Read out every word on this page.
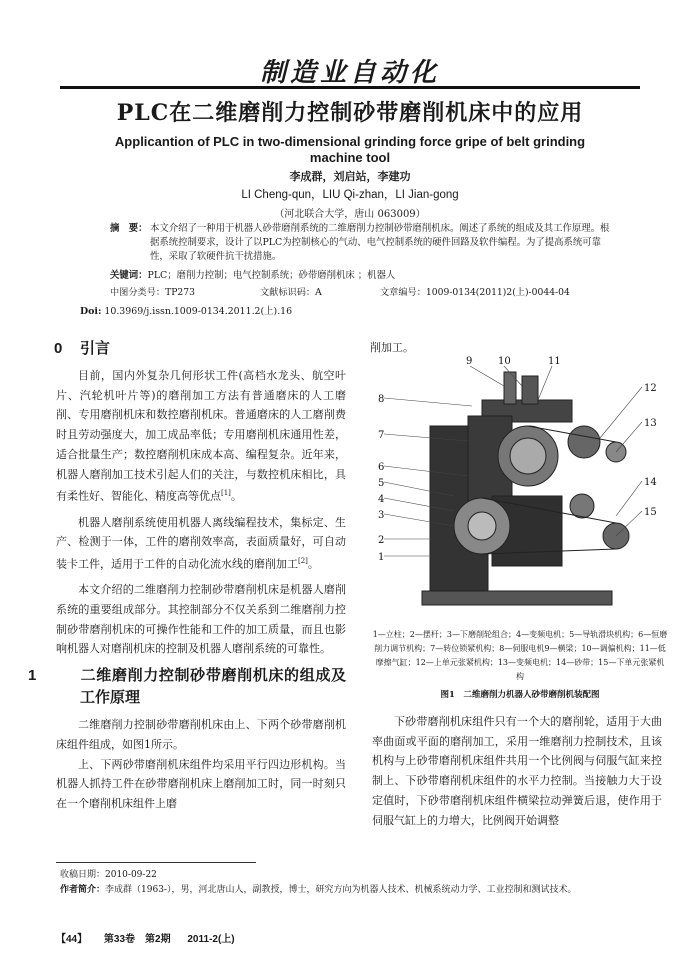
制造业自动化
PLC在二维磨削力控制砂带磨削机床中的应用
Applicantion of PLC in two-dimensional grinding force gripe of belt grinding machine tool
李成群，刘启站，李建功
LI Cheng-qun，LIU Qi-zhan，LI Jian-gong
（河北联合大学，唐山 063009）
摘　要： 本文介绍了一种用于机器人砂带磨削系统的二维磨削力控制砂带磨削机床。阐述了系统的组成及其工作原理。根据系统控制要求，设计了以PLC为控制核心的气动、电气控制系统的硬件回路及软件编程。为了提高系统可靠性，采取了软硬件抗干扰措施。
关键词：PLC；磨削力控制；电气控制系统；砂带磨削机床 ；机器人
中图分类号：TP273	文献标识码：A	文章编号：1009-0134(2011)2(上)-0044-04
Doi: 10.3969/j.issn.1009-0134.2011.2(上).16
0 引言

目前，国内外复杂几何形状工件(高档水龙头、航空叶片、汽轮机叶片等)的磨削加工方法有普通磨床的人工磨削、专用磨削机床和数控磨削机床。普通磨床的人工磨削费时且劳动强度大，加工成品率低；专用磨削机床通用性差，适合批量生产；数控磨削机床成本高、编程复杂。近年来，机器人磨削加工技术引起人们的关注，与数控机床相比，具有柔性好、智能化、精度高等优点[1]。

机器人磨削系统使用机器人离线编程技术，集标定、生产、检测于一体，工件的磨削效率高，表面质量好，可自动装卡工件，适用于工件的自动化流水线的磨削加工[2]。

本文介绍的二维磨削力控制砂带磨削机床是机器人磨削系统的重要组成部分。其控制部分不仅关系到二维磨削力控制砂带磨削机床的可操作性能和工件的加工质量，而且也影响机器人对磨削机床的控制及机器人磨削系统的可靠性。

1	二维磨削力控制砂带磨削机床的组成及工作原理

二维磨削力控制砂带磨削机床由上、下两个砂带磨削机床组件组成，如图1所示。

上、下两砂带磨削机床组件均采用平行四边形机构。当机器人抓持工件在砂带磨削机床上磨削加工时，同一时刻只在一个磨削机床组件上磨

削加工。
1
2
3
4
5
6
7
8
9	10	11
12
13
14
15
1—立柱；2—摆杆；3—下磨削轮组合；4—变频电机；5—导轨滑块机构；6—恒磨削力调节机构；7—转位锁紧机构；8—伺服电机9—横梁；10—调偏机构；11—低摩擦气缸；12—上单元张紧机构；13—变频电机；14—砂带；15—下单元张紧机构
图1　二维磨削力机器人砂带磨削机装配图

下砂带磨削机床组件只有一个大的磨削轮，适用于大曲率曲面或平面的磨削加工，采用一维磨削力控制技术，且该机构与上砂带磨削机床组件共用一个比例阀与伺服气缸来控制上、下砂带磨削机床组件的水平力控制。当接触力大于设定值时，下砂带磨削机床组件横梁拉动弹簧后退，使作用于伺服气缸上的力增大，比例阀开始调整

收稿日期：2010-09-22
作者简介：李成群（1963-），男，河北唐山人，副教授，博士，研究方向为机器人技术、机械系统动力学、工业控制和测试技术。
【44】 第33卷　第2期 2011-2(上)
